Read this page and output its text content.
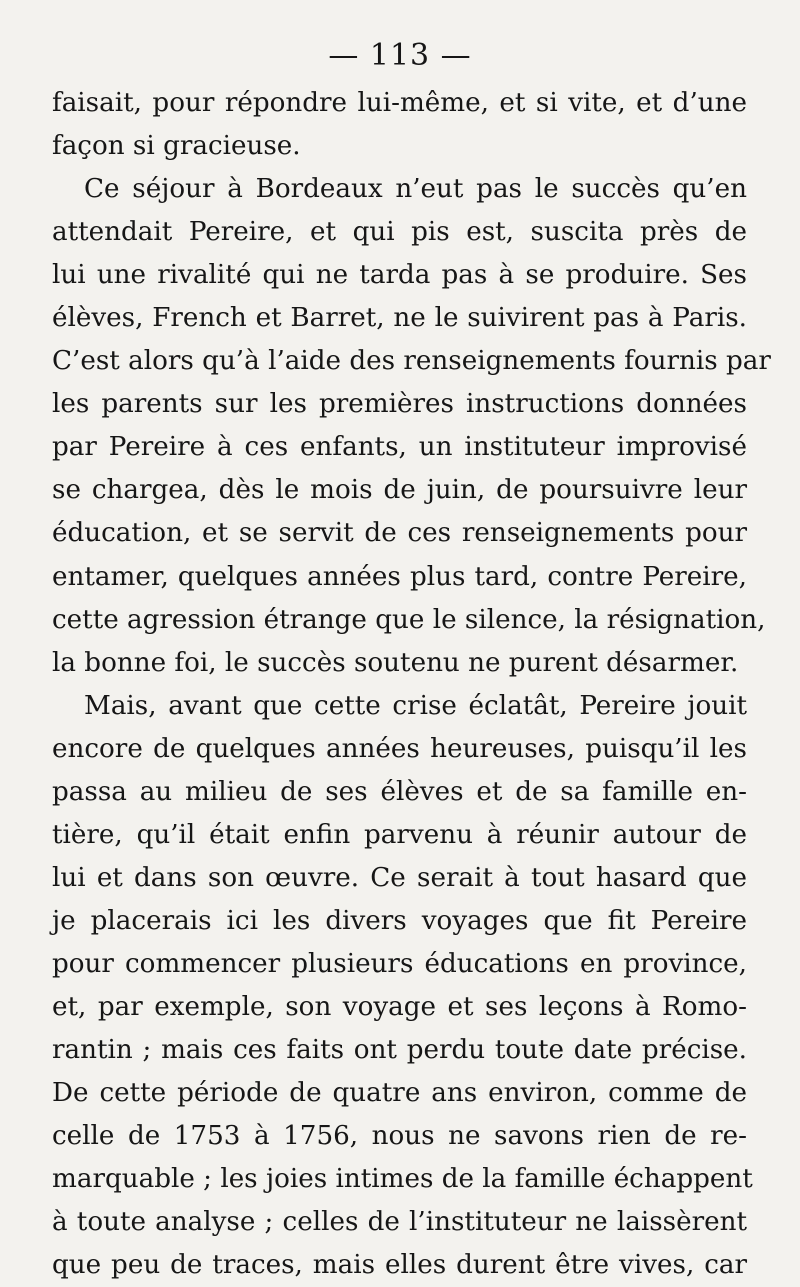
— 113 —
faisait, pour répondre lui-même, et si vite, et d’une
façon si gracieuse.
Ce séjour à Bordeaux n’eut pas le succès qu’en
attendait Pereire, et qui pis est, suscita près de
lui une rivalité qui ne tarda pas à se produire. Ses
élèves, French et Barret, ne le suivirent pas à Paris.
C’est alors qu’à l’aide des renseignements fournis par
les parents sur les premières instructions données
par Pereire à ces enfants, un instituteur improvisé
se chargea, dès le mois de juin, de poursuivre leur
éducation, et se servit de ces renseignements pour
entamer, quelques années plus tard, contre Pereire,
cette agression étrange que le silence, la résignation,
la bonne foi, le succès soutenu ne purent désarmer.
Mais, avant que cette crise éclatât, Pereire jouit
encore de quelques années heureuses, puisqu’il les
passa au milieu de ses élèves et de sa famille en-
tière, qu’il était enfin parvenu à réunir autour de
lui et dans son œuvre. Ce serait à tout hasard que
je placerais ici les divers voyages que fit Pereire
pour commencer plusieurs éducations en province,
et, par exemple, son voyage et ses leçons à Romo-
rantin ; mais ces faits ont perdu toute date précise.
De cette période de quatre ans environ, comme de
celle de 1753 à 1756, nous ne savons rien de re-
marquable ; les joies intimes de la famille échappent
à toute analyse ; celles de l’instituteur ne laissèrent
que peu de traces, mais elles durent être vives, car
